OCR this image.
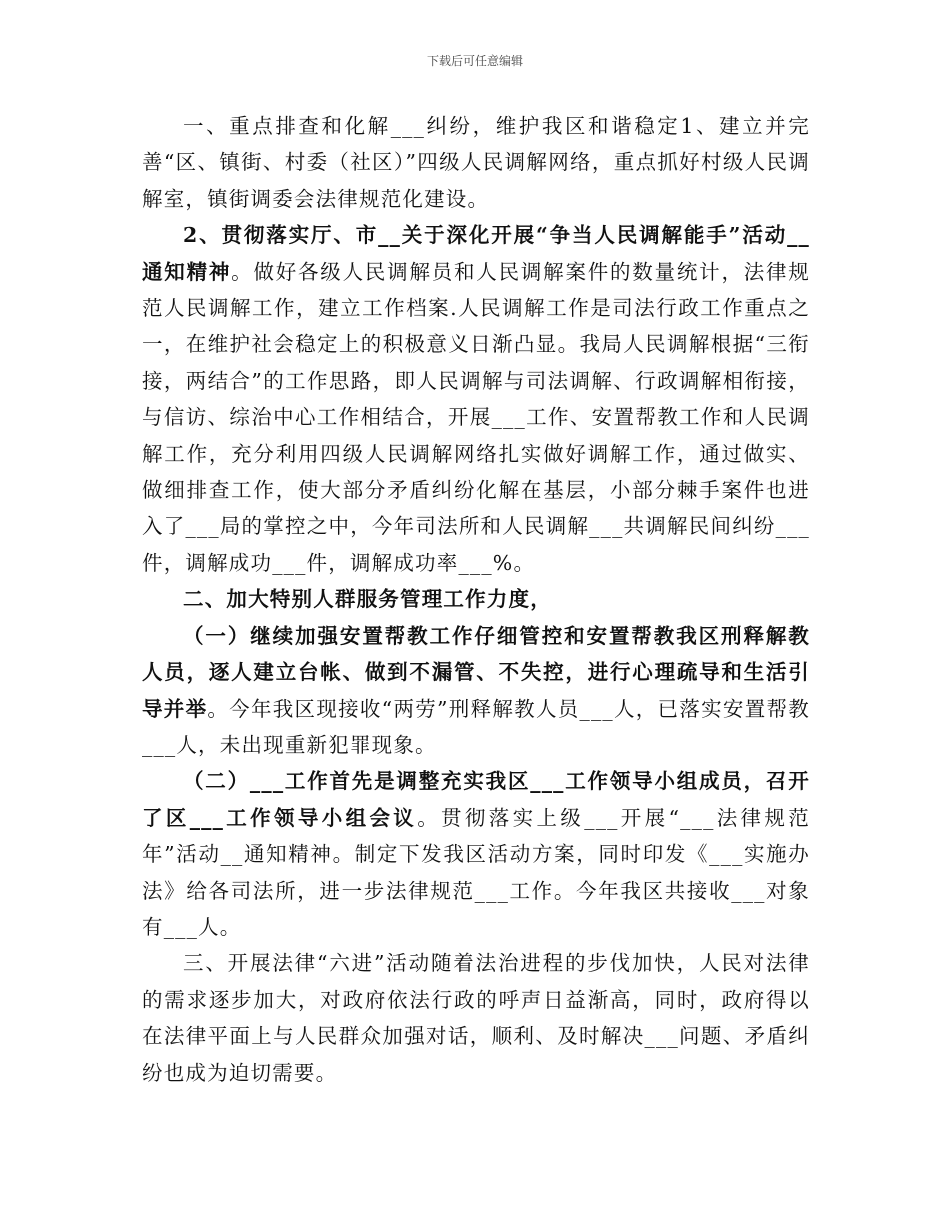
下载后可任意编辑

一、重点排查和化解___纠纷，维护我区和谐稳定1、建立并完善“区、镇街、村委（社区）”四级人民调解网络，重点抓好村级人民调解室，镇街调委会法律规范化建设。

2、贯彻落实厅、市__关于深化开展“争当人民调解能手”活动__通知精神。做好各级人民调解员和人民调解案件的数量统计，法律规范人民调解工作，建立工作档案.人民调解工作是司法行政工作重点之一，在维护社会稳定上的积极意义日渐凸显。我局人民调解根据“三衔接，两结合”的工作思路，即人民调解与司法调解、行政调解相衔接，与信访、综治中心工作相结合，开展___工作、安置帮教工作和人民调解工作，充分利用四级人民调解网络扎实做好调解工作，通过做实、做细排查工作，使大部分矛盾纠纷化解在基层，小部分棘手案件也进入了___局的掌控之中，今年司法所和人民调解___共调解民间纠纷___件，调解成功___件，调解成功率___%。

二、加大特别人群服务管理工作力度，

（一）继续加强安置帮教工作仔细管控和安置帮教我区刑释解教人员，逐人建立台帐、做到不漏管、不失控，进行心理疏导和生活引导并举。今年我区现接收“两劳”刑释解教人员___人，已落实安置帮教___人，未出现重新犯罪现象。

（二）___工作首先是调整充实我区___工作领导小组成员，召开了区___工作领导小组会议。贯彻落实上级___开展“___法律规范年”活动__通知精神。制定下发我区活动方案，同时印发《___实施办法》给各司法所，进一步法律规范___工作。今年我区共接收___对象有___人。

三、开展法律“六进”活动随着法治进程的步伐加快，人民对法律的需求逐步加大，对政府依法行政的呼声日益渐高，同时，政府得以在法律平面上与人民群众加强对话，顺利、及时解决___问题、矛盾纠纷也成为迫切需要。
